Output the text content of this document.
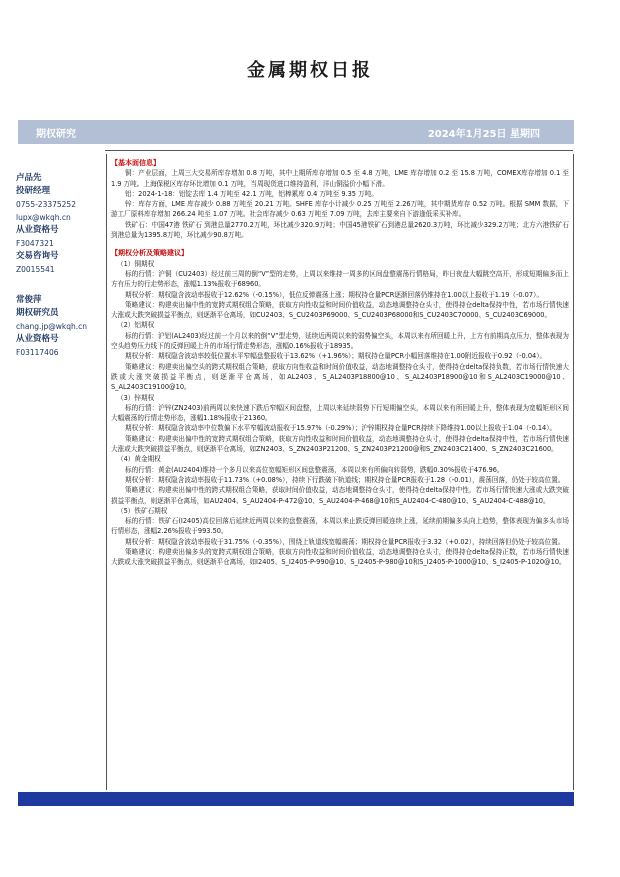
金属期权日报
期权研究	2024年1月25日 星期四
卢品先
投研经理
0755-23375252
lupx@wkqh.cn
从业资格号
F3047321
交易咨询号
Z0015541
常俊萍
期权研究员
chang.jp@wkqh.cn
从业资格号
F03117406
【基本面信息】

铜：产业层面，上周三大交易所库存增加 0.8 万吨，其中上期所库存增加 0.5 至 4.8 万吨，LME 库存增加 0.2 至 15.8 万吨，COMEX库存增加 0.1 至 1.9 万吨。上海保税区库存环比增加 0.1 万吨，当周现货进口维持盈利，洋山铜溢价小幅下滑。

铝：2024-1-18：铝锭去库 1.4 万吨至 42.1 万吨，铝棒累库 0.4 万吨至 9.35 万吨。

锌：库存方面，LME 库存减少 0.88 万吨至 20.21 万吨。SHFE 库存小计减少 0.25 万吨至 2.26万吨，其中期货库存 0.52 万吨。根据 SMM 数据，下游工厂原料库存增加 266.24 吨至 1.07 万吨。社会库存减少 0.63 万吨至 7.09 万吨，去库主要来自下游逢低采买补库。

铁矿石：中国47港 铁矿石 到港总量2770.2万吨，环比减少320.9万吨；中国45港铁矿石到港总量2620.3万吨，环比减少329.2万吨；北方六港铁矿石到港总量为1395.8万吨，环比减少90.8万吨。

【期权分析及策略建议】

（1）铜期权

标的行情：沪铜（CU2403）经过前三周的倒“V”型的走势，上周以来维持一周多的区间盘整震荡行情格局，昨日夜盘大幅跳空高开，形成短期偏多而上方有压力的行走势形态，涨幅1.13%报收于68960。

期权分析：期权隐含波动率报收于12.62%（-0.15%），低位反弹震荡上涨；期权持仓量PCR逐渐回落仍维持在1.00以上报收于1.19（-0.07）。

策略建议：构建卖出偏中性的宽跨式期权组合策略，获取方向性收益和时间价值收益，动态地调整持仓头寸，使得持仓delta保持中性，若市场行情快速大涨或大跌突破损益平衡点，则逐渐平仓离场，如CU2403、S_CU2403P69000、S_CU2403P68000和S_CU2403C70000、S_CU2403C69000。

（2）铝期权

标的行情：沪铝(AL2403)经过前一个月以来的倒“V”型走势，延续近两周以来的弱势偏空头，本周以来有所回暖上升，上方有前期高点压力，整体表现为空头趋势压力线下的反弹回暖上升的市场行情走势形态，涨幅0.16%报收于18935。

期权分析：期权隐含波动率较低位置水平窄幅盘整报收于13.62%（+1.96%）；期权持仓量PCR小幅回落维持在1.00附近报收于0.92（-0.04）。

策略建议：构建卖出偏空头的跨式期权组合策略，获取方向性收益和时间价值收益，动态地调整持仓头寸，使得持仓delta保持负数，若市场行情快速大跌或大涨突破损益平衡点，则逐渐平仓离场，如AL2403、S_AL2403P18800@10、S_AL2403P18900@10和S_AL2403C19000@10、S_AL2403C19100@10。

（3）锌期权

标的行情：沪锌(ZN2403)前两周以来快速下跌后窄幅区间盘整，上周以来延续弱势下行短期偏空头，本周以来有所回暖上升，整体表现为宽幅矩形区间大幅震荡的行情走势形态，涨幅1.18%报收于21360。

期权分析：期权隐含波动率中位数偏下水平窄幅波动报收于15.97%（-0.29%）；沪锌期权持仓量PCR持续下降维持1.00以上报收于1.04（-0.14）。

策略建议：构建卖出偏中性的宽跨式期权组合策略，获取方向性收益和时间价值收益，动态地调整持仓头寸，使得持仓delta保持中性，若市场行情快速大涨或大跌突破损益平衡点，则逐渐平仓离场，如ZN2403、S_ZN2403P21200、S_ZN2403P21200@和S_ZN2403C21400、S_ZN2403C21600。

（4）黄金期权

标的行情：黄金(AU2404)维持一个多月以来高位宽幅矩形区间盘整震荡，本周以来有所偏向转弱势，跌幅0.30%报收于476.96。

期权分析：期权隐含波动率报收于11.73%（+0.08%），持续下行跌破下轨道线；期权持仓量PCR报收于1.28（-0.01），震荡回落，仍处于较高位置。

策略建议：构建卖出偏中性的跨式期权组合策略，获取时间价值收益，动态地调整持仓头寸，使得持仓delta保持中性，若市场行情快速大涨或大跌突破损益平衡点，则逐渐平仓离场，如AU2404、S_AU2404-P-472@10、S_AU2404-P-468@10和S_AU2404-C-480@10、S_AU2404-C-488@10。

（5）铁矿石期权

标的行情：铁矿石(I2405)高位回落后延续近两周以来的盘整震荡，本周以来止跌反弹回暖连续上涨，延续前期偏多头向上趋势，整体表现为偏多头市场行情形态，涨幅2.26%报收于993.50。

期权分析：期权隐含波动率报收于31.75%（-0.35%），围绕上轨道线宽幅震荡；期权持仓量PCR报收于3.32（+0.02），持续回落但仍处于较高位置。

策略建议：构建卖出偏多头的宽跨式期权组合策略，获取方向性收益和时间价值收益，动态地调整持仓头寸，使得持仓delta保持正数，若市场行情快速大跌或大涨突破损益平衡点，则逐渐平仓离场，如I2405、S_I2405-P-990@10、S_I2405-P-980@10和S_I2405-P-1000@10、S_I2405-P-1020@10。
